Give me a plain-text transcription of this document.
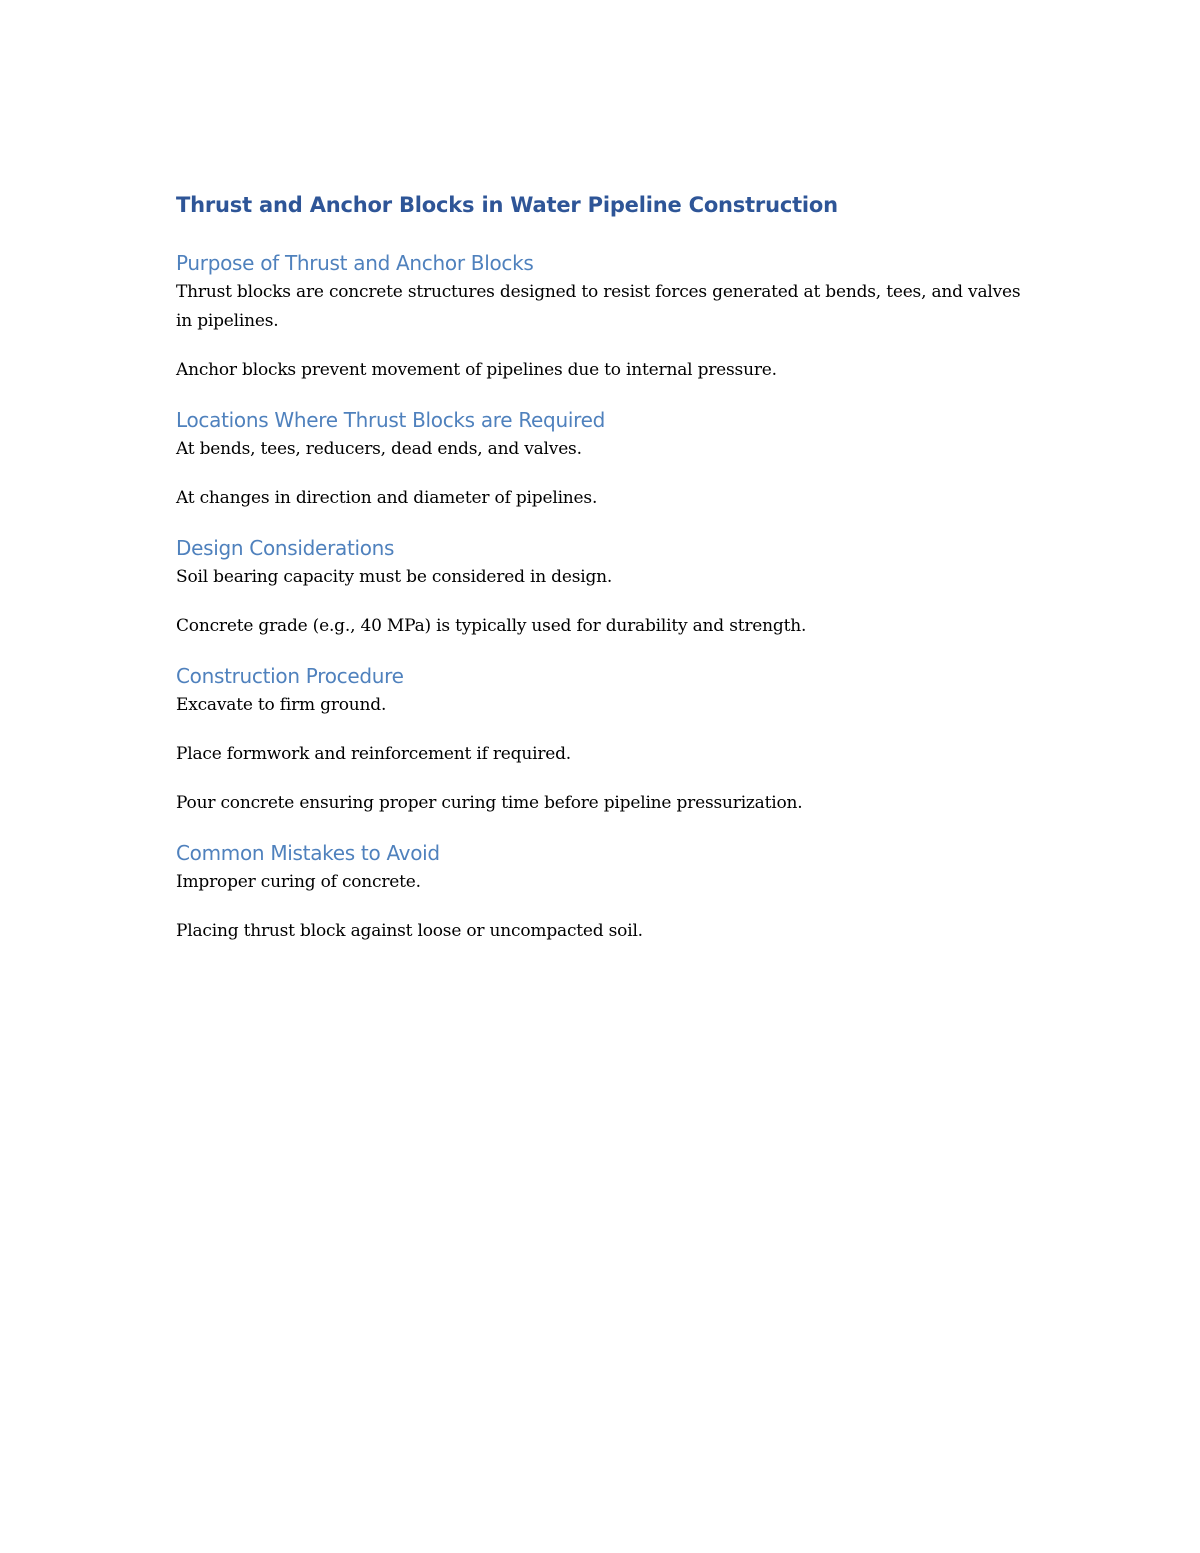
Thrust and Anchor Blocks in Water Pipeline Construction
Purpose of Thrust and Anchor Blocks

Thrust blocks are concrete structures designed to resist forces generated at bends, tees, and valves in pipelines.

Anchor blocks prevent movement of pipelines due to internal pressure.

Locations Where Thrust Blocks are Required

At bends, tees, reducers, dead ends, and valves.

At changes in direction and diameter of pipelines.

Design Considerations

Soil bearing capacity must be considered in design.

Concrete grade (e.g., 40 MPa) is typically used for durability and strength.

Construction Procedure

Excavate to firm ground.

Place formwork and reinforcement if required.

Pour concrete ensuring proper curing time before pipeline pressurization.

Common Mistakes to Avoid

Improper curing of concrete.

Placing thrust block against loose or uncompacted soil.
